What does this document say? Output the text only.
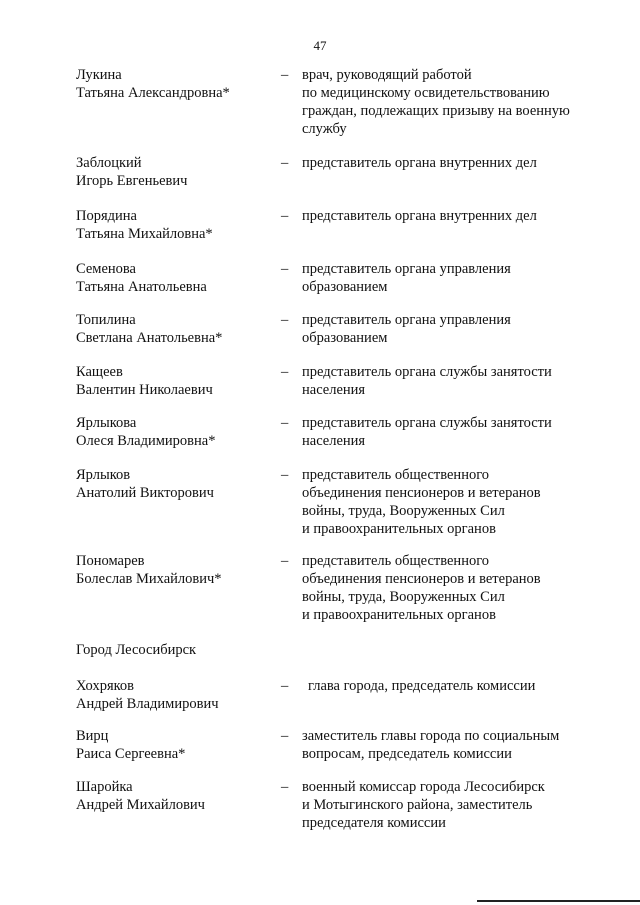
47
Лукина
Татьяна Александровна*
– врач, руководящий работой
по медицинскому освидетельствованию
граждан, подлежащих призыву на военную
службу
Заблоцкий
Игорь Евгеньевич
– представитель органа внутренних дел
Порядина
Татьяна Михайловна*
– представитель органа внутренних дел
Семенова
Татьяна Анатольевна
– представитель органа управления
образованием
Топилина
Светлана Анатольевна*
– представитель органа управления
образованием
Кащеев
Валентин Николаевич
– представитель органа службы занятости
населения
Ярлыкова
Олеся Владимировна*
– представитель органа службы занятости
населения
Ярлыков
Анатолий Викторович
– представитель общественного
объединения пенсионеров и ветеранов
войны, труда, Вооруженных Сил
и правоохранительных органов
Пономарев
Болеслав Михайлович*
– представитель общественного
объединения пенсионеров и ветеранов
войны, труда, Вооруженных Сил
и правоохранительных органов
Город Лесосибирск
Хохряков
Андрей Владимирович
– глава города, председатель комиссии
Вирц
Раиса Сергеевна*
– заместитель главы города по социальным
вопросам, председатель комиссии
Шаройка
Андрей Михайлович
– военный комиссар города Лесосибирск
и Мотыгинского района, заместитель
председателя комиссии
